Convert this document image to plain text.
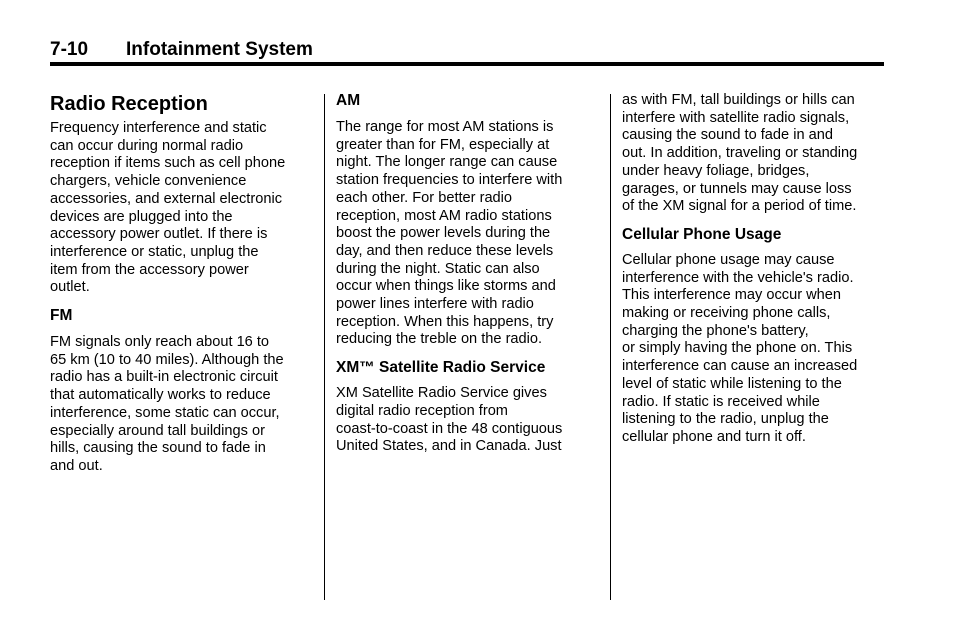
7-10 Infotainment System
Radio Reception
Frequency interference and static
can occur during normal radio
reception if items such as cell phone
chargers, vehicle convenience
accessories, and external electronic
devices are plugged into the
accessory power outlet. If there is
interference or static, unplug the
item from the accessory power
outlet.
FM
FM signals only reach about 16 to
65 km (10 to 40 miles). Although the
radio has a built-in electronic circuit
that automatically works to reduce
interference, some static can occur,
especially around tall buildings or
hills, causing the sound to fade in
and out.
AM
The range for most AM stations is
greater than for FM, especially at
night. The longer range can cause
station frequencies to interfere with
each other. For better radio
reception, most AM radio stations
boost the power levels during the
day, and then reduce these levels
during the night. Static can also
occur when things like storms and
power lines interfere with radio
reception. When this happens, try
reducing the treble on the radio.
XM™ Satellite Radio Service
XM Satellite Radio Service gives
digital radio reception from
coast-to-coast in the 48 contiguous
United States, and in Canada. Just
as with FM, tall buildings or hills can
interfere with satellite radio signals,
causing the sound to fade in and
out. In addition, traveling or standing
under heavy foliage, bridges,
garages, or tunnels may cause loss
of the XM signal for a period of time.
Cellular Phone Usage
Cellular phone usage may cause
interference with the vehicle's radio.
This interference may occur when
making or receiving phone calls,
charging the phone's battery,
or simply having the phone on. This
interference can cause an increased
level of static while listening to the
radio. If static is received while
listening to the radio, unplug the
cellular phone and turn it off.
